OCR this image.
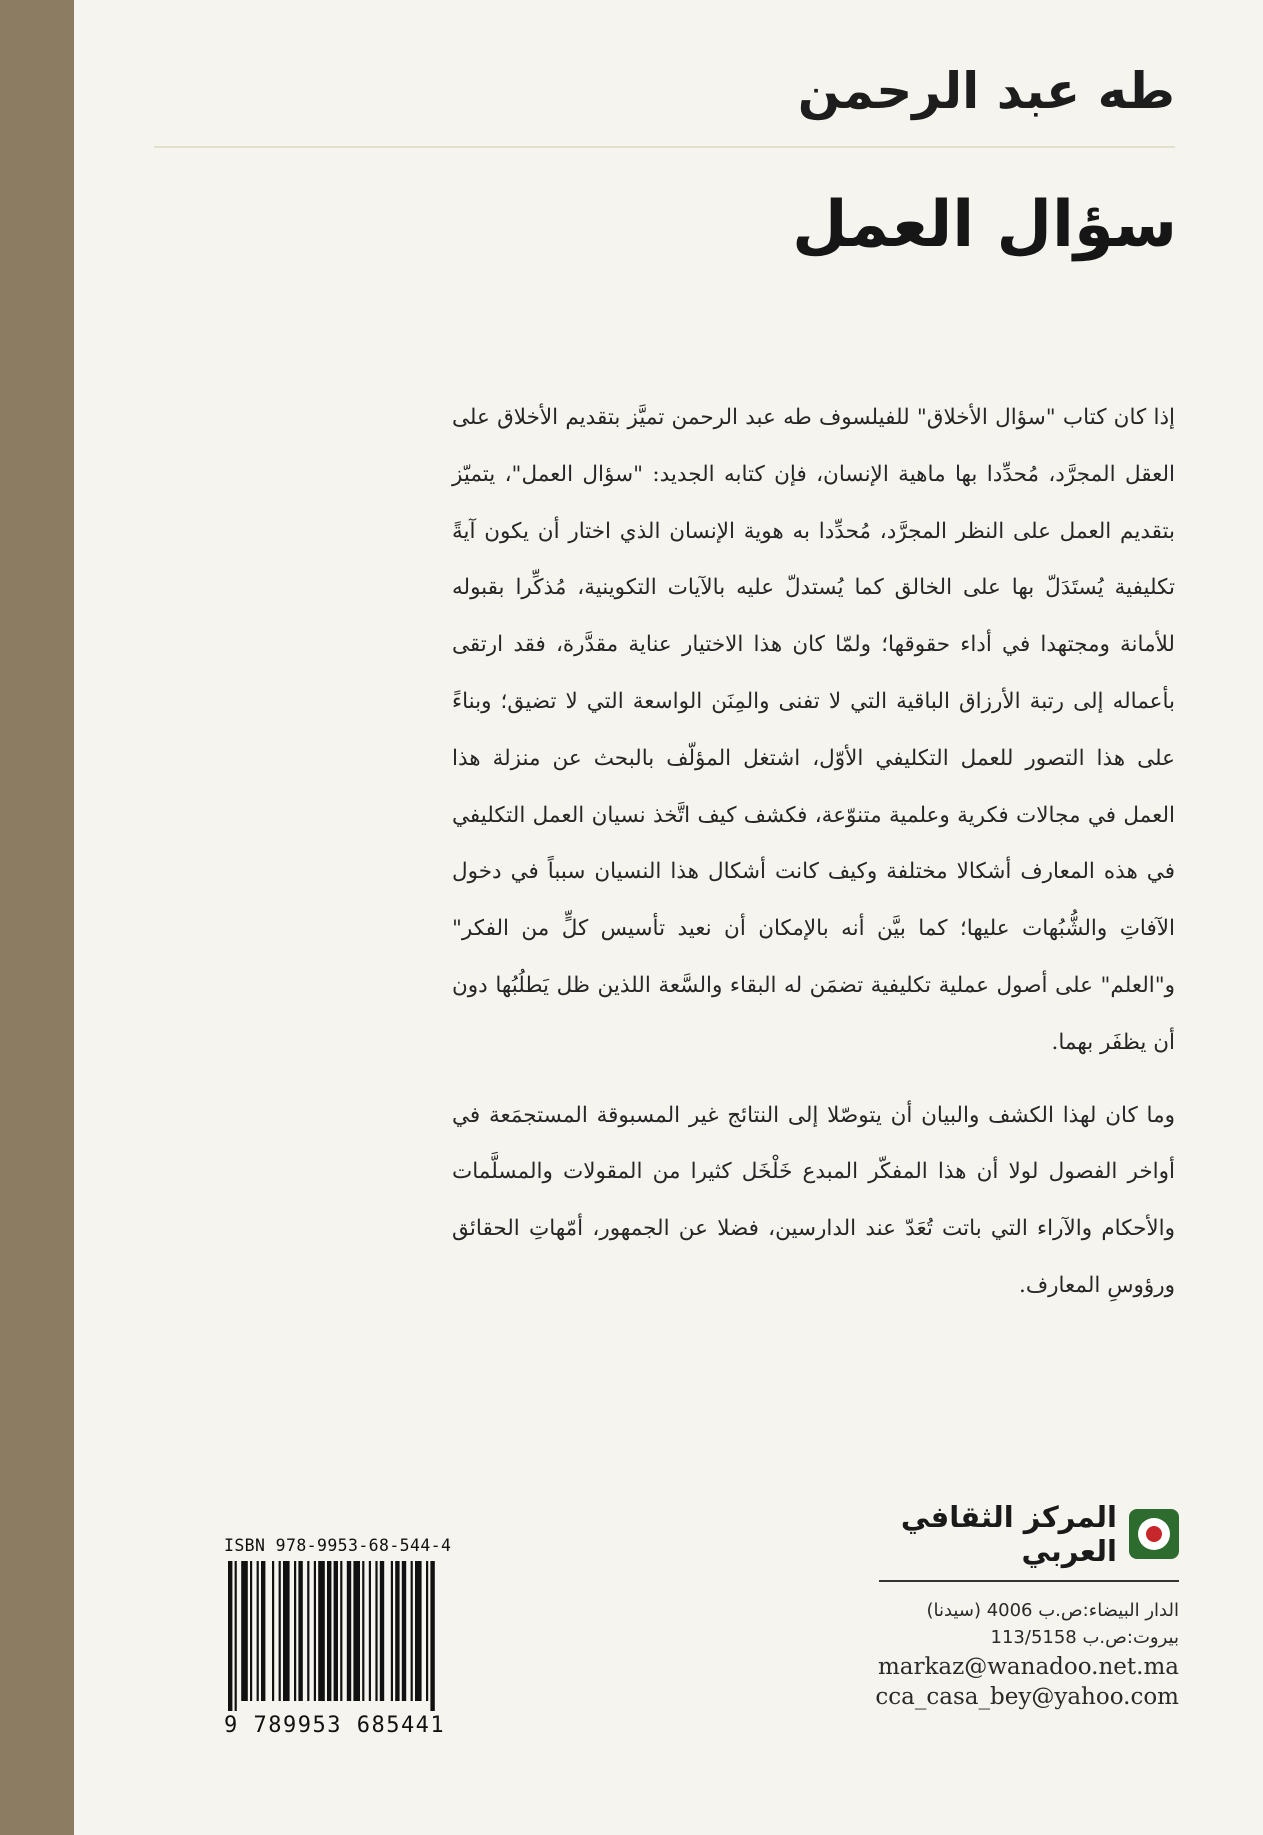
طه عبد الرحمن
سؤال العمل

إذا كان كتاب "سؤال الأخلاق" للفيلسوف طه عبد الرحمن تميَّز بتقديم الأخلاق على العقل المجرَّد، مُحدِّدا بها ماهية الإنسان، فإن كتابه الجديد: "سؤال العمل"، يتميّز بتقديم العمل على النظر المجرَّد، مُحدِّدا به هوية الإنسان الذي اختار أن يكون آيةً تكليفية يُستَدَلّ بها على الخالق كما يُستدلّ عليه بالآيات التكوينية، مُذكِّرا بقبوله للأمانة ومجتهدا في أداء حقوقها؛ ولمّا كان هذا الاختيار عناية مقدَّرة، فقد ارتقى بأعماله إلى رتبة الأرزاق الباقية التي لا تفنى والمِنَن الواسعة التي لا تضيق؛ وبناءً على هذا التصور للعمل التكليفي الأوّل، اشتغل المؤلّف بالبحث عن منزلة هذا العمل في مجالات فكرية وعلمية متنوّعة، فكشف كيف اتَّخذ نسيان العمل التكليفي في هذه المعارف أشكالا مختلفة وكيف كانت أشكال هذا النسيان سبباً في دخول الآفاتِ والشُّبُهات عليها؛ كما بيَّن أنه بالإمكان أن نعيد تأسيس كلٍّ من الفكر" و"العلم" على أصول عملية تكليفية تضمَن له البقاء والسَّعة اللذين ظل يَطلُبُها دون أن يظفَر بهما.

وما كان لهذا الكشف والبيان أن يتوصّلا إلى النتائج غير المسبوقة المستجمَعة في أواخر الفصول لولا أن هذا المفكّر المبدع خَلْخَل كثيرا من المقولات والمسلَّمات والأحكام والآراء التي باتت تُعَدّ عند الدارسين، فضلا عن الجمهور، أمّهاتِ الحقائق ورؤوسِ المعارف.

المركز الثقافي العربي

الدار البيضاء:ص.ب 4006 (سيدنا)

بيروت:ص.ب 113/5158

markaz@wanadoo.net.ma

cca_casa_bey@yahoo.com

ISBN 978-9953-68-544-4

9 789953 685441
